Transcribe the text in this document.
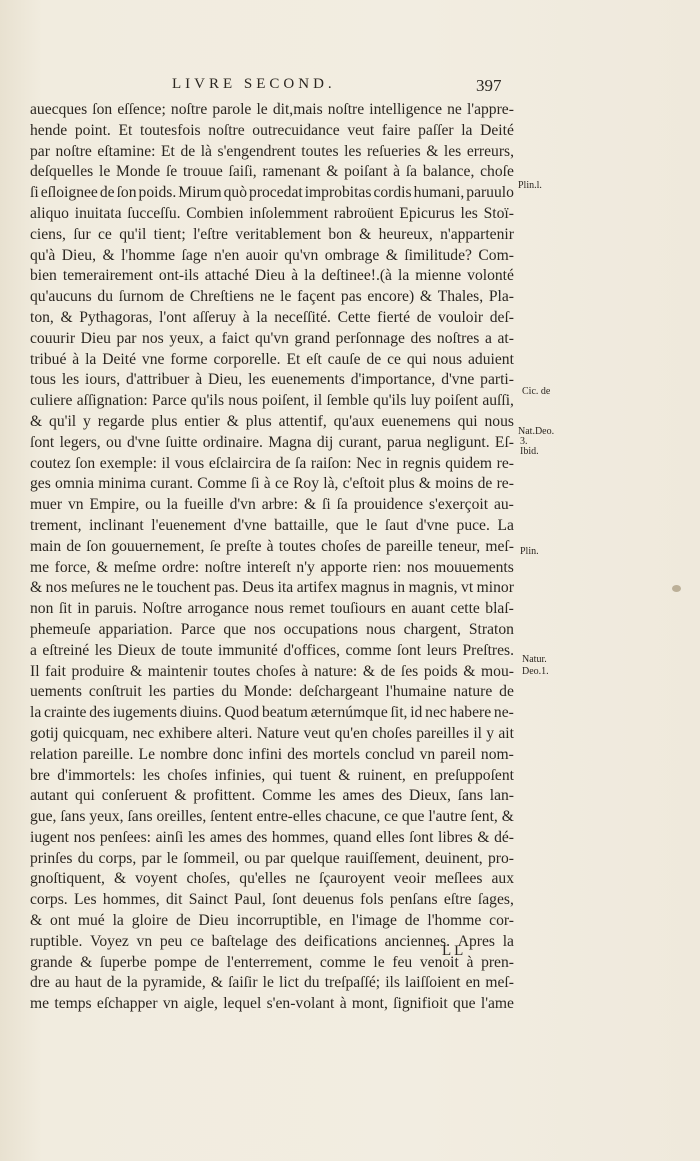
LIVRE SECOND.	397
auecques ſon eſſence; noſtre parole le dit,mais noſtre intelligence ne l'appre-
hende point. Et toutesfois noſtre outrecuidance veut faire paſſer la Deité
par noſtre eſtamine: Et de là s'engendrent toutes les reſueries & les erreurs,
deſquelles le Monde ſe trouue ſaiſi, ramenant & poiſant à ſa balance, choſe
ſi eſloignee de ſon poids. Mirum quò procedat improbitas cordis humani, paruulo
aliquo inuitata ſucceſſu. Combien inſolemment rabroüent Epicurus les Stoï-
ciens, ſur ce qu'il tient; l'eſtre veritablement bon & heureux, n'appartenir
qu'à Dieu, & l'homme ſage n'en auoir qu'vn ombrage & ſimilitude? Com-
bien temerairement ont-ils attaché Dieu à la deſtinee!.(à la mienne volonté
qu'aucuns du ſurnom de Chreſtiens ne le façent pas encore) & Thales, Pla-
ton, & Pythagoras, l'ont aſſeruy à la neceſſité. Cette fierté de vouloir deſ-
couurir Dieu par nos yeux, a faict qu'vn grand perſonnage des noſtres a at-
tribué à la Deité vne forme corporelle. Et eſt cauſe de ce qui nous aduient
tous les iours, d'attribuer à Dieu, les euenements d'importance, d'vne parti-
culiere aſſignation: Parce qu'ils nous poiſent, il ſemble qu'ils luy poiſent auſſi,
& qu'il y regarde plus entier & plus attentif, qu'aux euenemens qui nous
ſont legers, ou d'vne ſuitte ordinaire. Magna dij curant, parua negligunt. Eſ-
coutez ſon exemple: il vous eſclaircira de ſa raiſon: Nec in regnis quidem re-
ges omnia minima curant. Comme ſi à ce Roy là, c'eſtoit plus & moins de re-
muer vn Empire, ou la fueille d'vn arbre: & ſi ſa prouidence s'exerçoit au-
trement, inclinant l'euenement d'vne battaille, que le ſaut d'vne puce. La
main de ſon gouuernement, ſe preſte à toutes choſes de pareille teneur, meſ-
me force, & meſme ordre: noſtre intereſt n'y apporte rien: nos mouuements
& nos meſures ne le touchent pas. Deus ita artifex magnus in magnis, vt minor
non ſit in paruis. Noſtre arrogance nous remet touſiours en auant cette blaſ-
phemeuſe appariation. Parce que nos occupations nous chargent, Straton
a eſtreiné les Dieux de toute immunité d'offices, comme ſont leurs Preſtres.
Il fait produire & maintenir toutes choſes à nature: & de ſes poids & mou-
uements conſtruit les parties du Monde: deſchargeant l'humaine nature de
la crainte des iugements diuins. Quod beatum æternúmque ſit, id nec habere ne-
gotij quicquam, nec exhibere alteri. Nature veut qu'en choſes pareilles il y ait
relation pareille. Le nombre donc infini des mortels conclud vn pareil nom-
bre d'immortels: les choſes infinies, qui tuent & ruinent, en preſuppoſent
autant qui conſeruent & profittent. Comme les ames des Dieux, ſans lan-
gue, ſans yeux, ſans oreilles, ſentent entre-elles chacune, ce que l'autre ſent, &
iugent nos penſees: ainſi les ames des hommes, quand elles ſont libres & dé-
prinſes du corps, par le ſommeil, ou par quelque rauiſſement, deuinent, pro-
gnoſtiquent, & voyent choſes, qu'elles ne ſçauroyent veoir meſlees aux
corps. Les hommes, dit Sainct Paul, ſont deuenus fols penſans eſtre ſages,
& ont mué la gloire de Dieu incorruptible, en l'image de l'homme cor-
ruptible. Voyez vn peu ce baſtelage des deifications anciennes. Apres la
grande & ſuperbe pompe de l'enterrement, comme le feu venoit à pren-
dre au haut de la pyramide, & ſaiſir le lict du treſpaſſé; ils laiſſoient en meſ-
me temps eſchapper vn aigle, lequel s'en-volant à mont, ſignifioit que l'ame
Plin.l.
Cic. de
Nat.Deo.
3.
Ibid.
Plin.
Natur.
Deo.1.
LL
